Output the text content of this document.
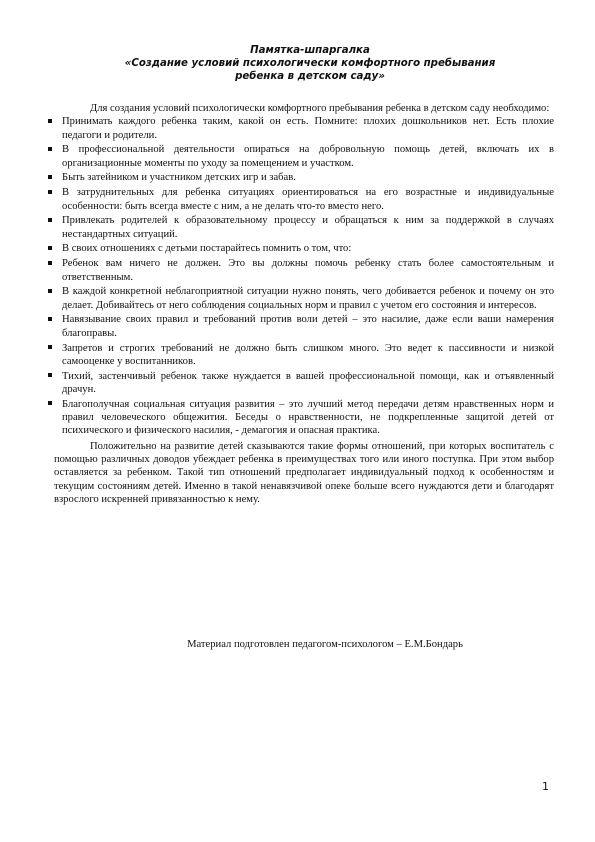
Памятка-шпаргалка
«Создание условий психологически комфортного пребывания
ребенка в детском саду»

Для создания условий психологически комфортного пребывания ребенка в детском саду необходимо:

Принимать каждого ребенка таким, какой он есть. Помните: плохих дошкольников нет. Есть плохие педагоги и родители.
В профессиональной деятельности опираться на добровольную помощь детей, включать их в организационные моменты по уходу за помещением и участком.
Быть затейником и участником детских игр и забав.
В затруднительных для ребенка ситуациях ориентироваться на его возрастные и индивидуальные особенности: быть всегда вместе с ним, а не делать что-то вместо него.
Привлекать родителей к образовательному процессу и обращаться к ним за поддержкой в случаях нестандартных ситуаций.
В своих отношениях с детьми постарайтесь помнить о том, что:
Ребенок вам ничего не должен. Это вы должны помочь ребенку стать более самостоятельным и ответственным.
В каждой конкретной неблагоприятной ситуации нужно понять, чего добивается ребенок и почему он это делает. Добивайтесь от него соблюдения социальных норм и правил с учетом его состояния и интересов.
Навязывание своих правил и требований против воли детей – это насилие, даже если ваши намерения благоправы.
Запретов и строгих требований не должно быть слишком много. Это ведет к пассивности и низкой самооценке у воспитанников.
Тихий, застенчивый ребенок также нуждается в вашей профессиональной помощи, как и отъявленный драчун.
Благополучная социальная ситуация развития – это лучший метод передачи детям нравственных норм и правил человеческого общежития. Беседы о нравственности, не подкрепленные защитой детей от психического и физического насилия, - демагогия и опасная практика.

Положительно на развитие детей сказываются такие формы отношений, при которых воспитатель с помощью различных доводов убеждает ребенка в преимуществах того или иного поступка. При этом выбор оставляется за ребенком. Такой тип отношений предполагает индивидуальный подход к особенностям и текущим состояниям детей. Именно в такой ненавязчивой опеке больше всего нуждаются дети и благодарят взрослого искренней привязанностью к нему.

Материал подготовлен педагогом-психологом – Е.М.Бондарь
1
